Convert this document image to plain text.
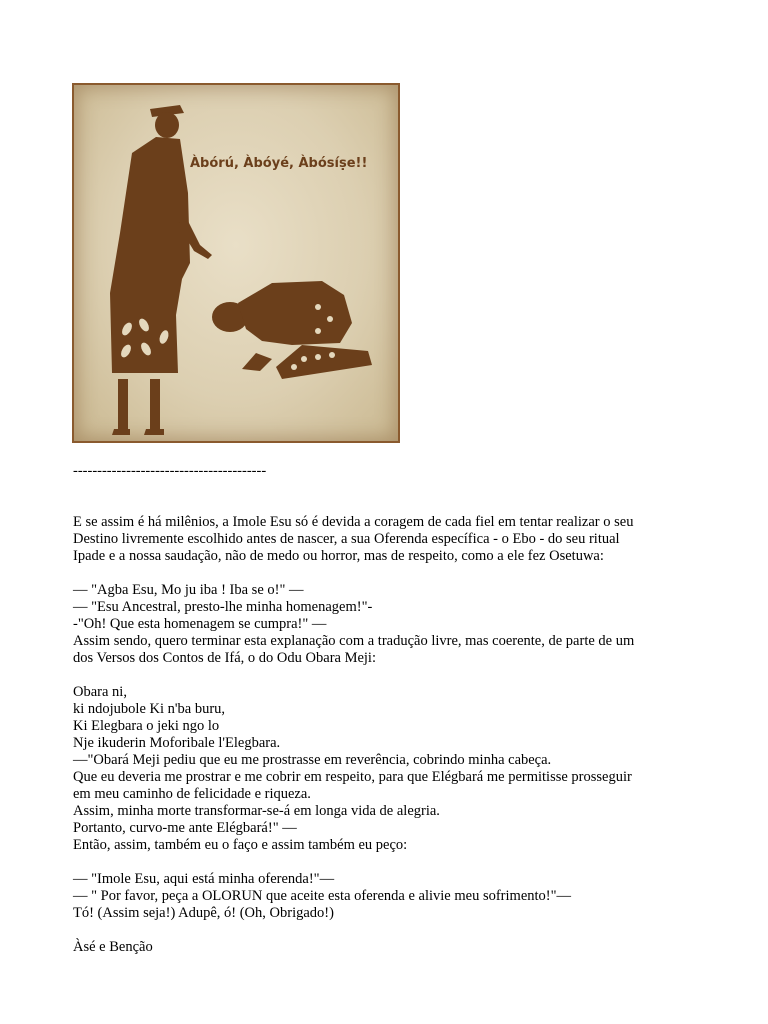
Àbórú, Àbóyé, Àbósíṣe!!
----------------------------------------
E se assim é há milênios, a Imole Esu só é devida a coragem de cada fiel em tentar realizar o seu
Destino livremente escolhido antes de nascer, a sua Oferenda específica - o Ebo - do seu ritual
Ipade e a nossa saudação, não de medo ou horror, mas de respeito, como a ele fez Osetuwa:
— "Agba Esu, Mo ju iba ! Iba se o!" —
— "Esu Ancestral, presto-lhe minha homenagem!"-
-"Oh! Que esta homenagem se cumpra!" —
Assim sendo, quero terminar esta explanação com a tradução livre, mas coerente, de parte de um
dos Versos dos Contos de Ifá, o do Odu Obara Meji:
Obara ni,
ki ndojubole Ki n'ba buru,
Ki Elegbara o jeki ngo lo
Nje ikuderin Moforibale l'Elegbara.
—"Obará Meji pediu que eu me prostrasse em reverência, cobrindo minha cabeça.
Que eu deveria me prostrar e me cobrir em respeito, para que Elégbará me permitisse prosseguir
em meu caminho de felicidade e riqueza.
Assim, minha morte transformar-se-á em longa vida de alegria.
Portanto, curvo-me ante Elégbará!" —
Então, assim, também eu o faço e assim também eu peço:
— "Imole Esu, aqui está minha oferenda!"—
— " Por favor, peça a OLORUN que aceite esta oferenda e alivie meu sofrimento!"—
Tó! (Assim seja!) Adupê, ó! (Oh, Obrigado!)
Àsé e Benção
